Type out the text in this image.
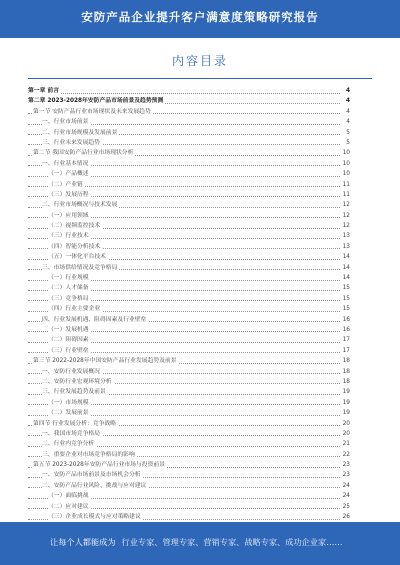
安防产品企业提升客户满意度策略研究报告
内容目录
第一章 前言	4
第二章 2023-2028年安防产品市场前景及趋势预测	4
第一节 安防产品行业市场现状及未来发展趋势	4
一、行业市场前景	4
二、行业市场规模及发展前景	5
三、行业未来发展趋势	5
第二节 我国安防产品行业市场现状分析	10
一、行业基本情况	10
（一）产品概述	10
（二）产业链	11
（三）发展历程	11
二、行业市场概况与技术发展	12
（一）应用领域	12
（二）视频监控技术	12
（三）行业技术	13
（四）智能分析技术	13
（五）一体化平台技术	14
三、市场供给情况及竞争格局	14
（一）行业规模	14
（二）人才储备	15
（三）竞争格局	15
（四）行业主要企业	15
四、行业发展机遇、阻碍因素及行业壁垒	16
（一）发展机遇	16
（二）阻碍因素	17
（三）行业壁垒	17
第三节 2022-2028年中国安防产品行业发展趋势及前景	18
一、安防行业发展概况	18
二、安防行业宏观环境分析	18
三、行业发展趋势及前景	19
（一）市场规模	19
（二）发展前景	19
第四节 行业发展分析：竞争战略	20
一、我国市场竞争格局	20
二、行业内竞争分析	21
三、重要企业对市场竞争格局的影响	22
第五节 2023-2028年安防产品行业市场与投资前景	23
一、安防产品市场前景及市场机会分析	23
二、安防产品行业风险、挑战与应对建议	24
（一）面临挑战	24
（二）应对建议	25
（三）企业成长模式与应对策略建议	26
让每个人都能成为 行业专家、管理专家、营销专家、战略专家、成功企业家……
